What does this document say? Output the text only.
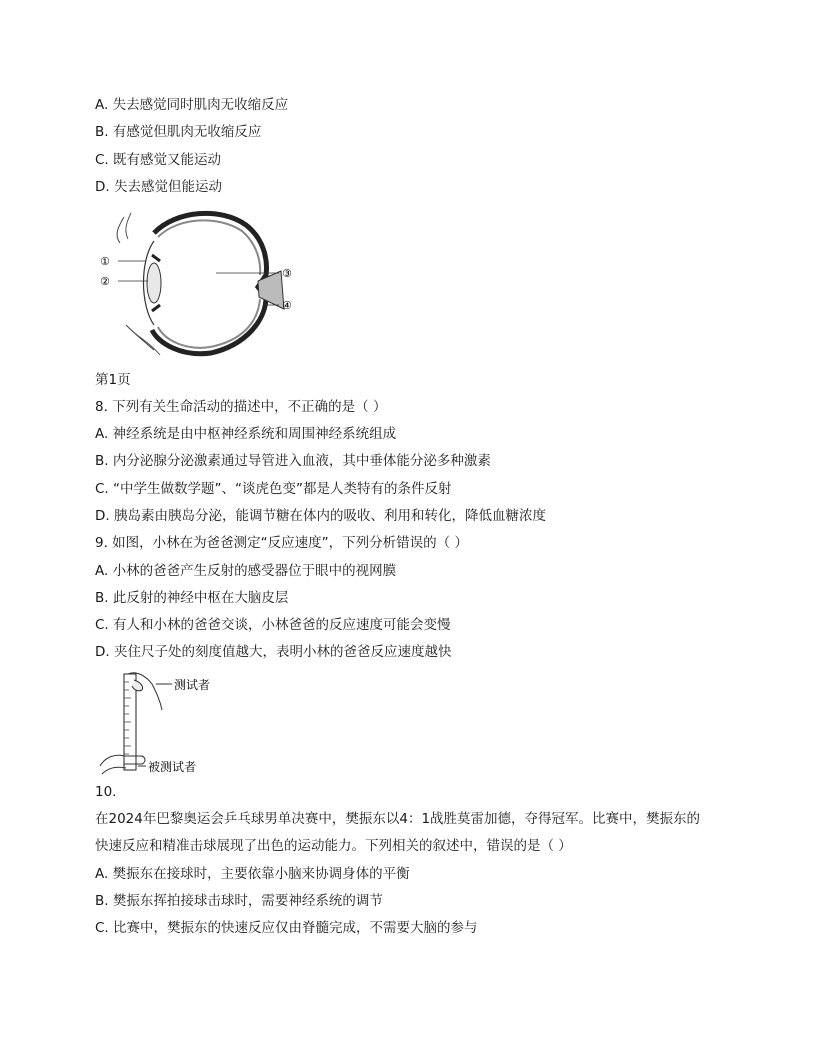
A. 失去感觉同时肌肉无收缩反应
B. 有感觉但肌肉无收缩反应
C. 既有感觉又能运动
D. 失去感觉但能运动
①
②
③
④
第1页
8. 下列有关生命活动的描述中，不正确的是（ ）
A. 神经系统是由中枢神经系统和周围神经系统组成
B. 内分泌腺分泌激素通过导管进入血液，其中垂体能分泌多种激素
C. “中学生做数学题”、“谈虎色变”都是人类特有的条件反射
D. 胰岛素由胰岛分泌，能调节糖在体内的吸收、利用和转化，降低血糖浓度
9. 如图，小林在为爸爸测定“反应速度”，下列分析错误的（ ）
A. 小林的爸爸产生反射的感受器位于眼中的视网膜
B. 此反射的神经中枢在大脑皮层
C. 有人和小林的爸爸交谈，小林爸爸的反应速度可能会变慢
D. 夹住尺子处的刻度值越大，表明小林的爸爸反应速度越快
测试者
被测试者
10.
在2024年巴黎奥运会乒乓球男单决赛中，樊振东以4：1战胜莫雷加德，夺得冠军。比赛中，樊振东的
快速反应和精准击球展现了出色的运动能力。下列相关的叙述中，错误的是（ ）
A. 樊振东在接球时，主要依靠小脑来协调身体的平衡
B. 樊振东挥拍接球击球时，需要神经系统的调节
C. 比赛中，樊振东的快速反应仅由脊髓完成，不需要大脑的参与
